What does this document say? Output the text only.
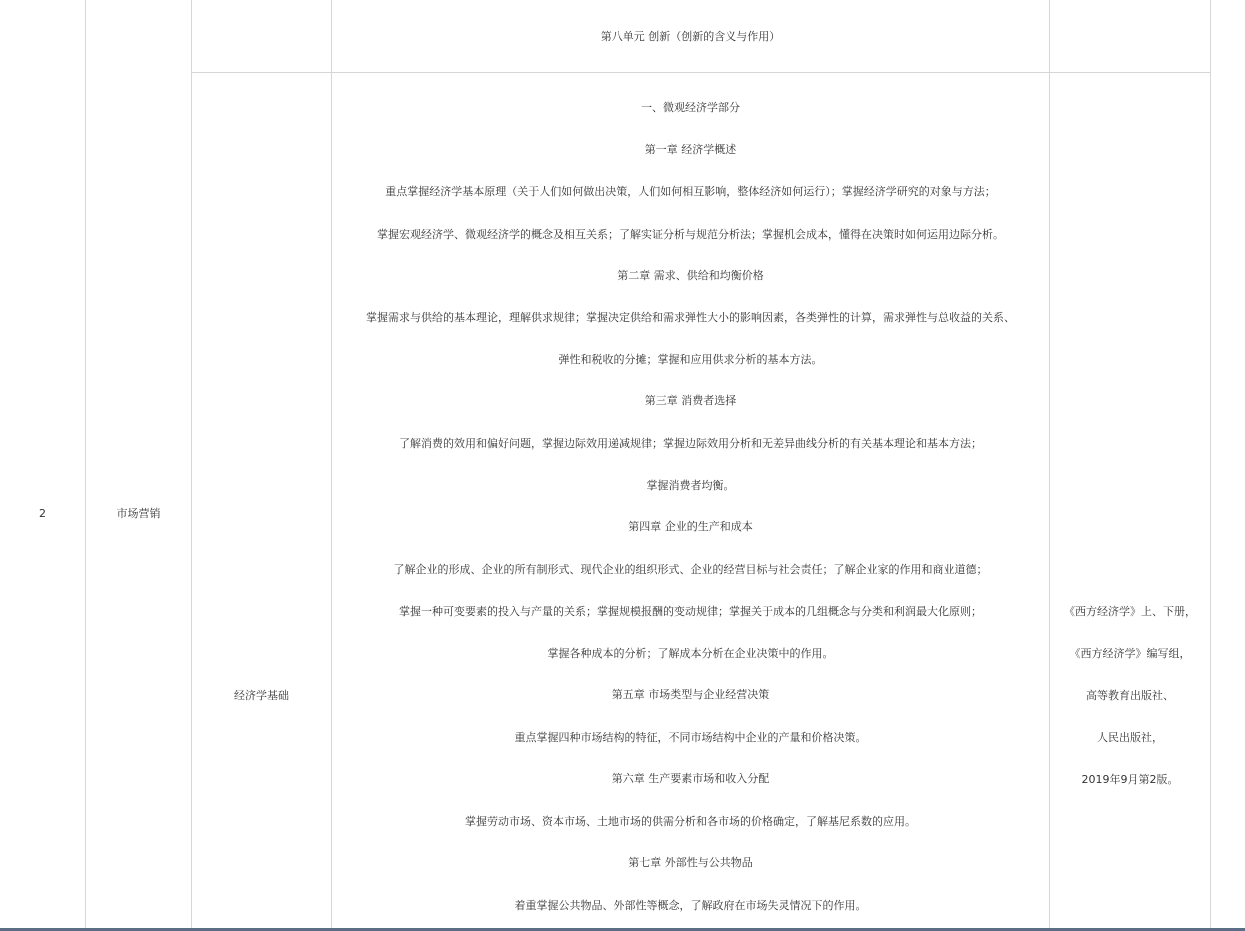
2	市场营销
第八单元 创新（创新的含义与作用）
经济学基础
一、微观经济学部分
第一章 经济学概述
重点掌握经济学基本原理（关于人们如何做出决策，人们如何相互影响，整体经济如何运行）；掌握经济学研究的对象与方法；
掌握宏观经济学、微观经济学的概念及相互关系；了解实证分析与规范分析法；掌握机会成本，懂得在决策时如何运用边际分析。
第二章 需求、供给和均衡价格
掌握需求与供给的基本理论，理解供求规律；掌握决定供给和需求弹性大小的影响因素，各类弹性的计算，需求弹性与总收益的关系、
弹性和税收的分摊；掌握和应用供求分析的基本方法。
第三章 消费者选择
了解消费的效用和偏好问题，掌握边际效用递减规律；掌握边际效用分析和无差异曲线分析的有关基本理论和基本方法；
掌握消费者均衡。
第四章 企业的生产和成本
了解企业的形成、企业的所有制形式、现代企业的组织形式、企业的经营目标与社会责任；了解企业家的作用和商业道德；
掌握一种可变要素的投入与产量的关系；掌握规模报酬的变动规律；掌握关于成本的几组概念与分类和利润最大化原则；
掌握各种成本的分析；了解成本分析在企业决策中的作用。
第五章 市场类型与企业经营决策
重点掌握四种市场结构的特征，不同市场结构中企业的产量和价格决策。
第六章 生产要素市场和收入分配
掌握劳动市场、资本市场、土地市场的供需分析和各市场的价格确定，了解基尼系数的应用。
第七章 外部性与公共物品
着重掌握公共物品、外部性等概念，了解政府在市场失灵情况下的作用。
《西方经济学》上、下册，
《西方经济学》编写组，
高等教育出版社、
人民出版社，
2019年9月第2版。
